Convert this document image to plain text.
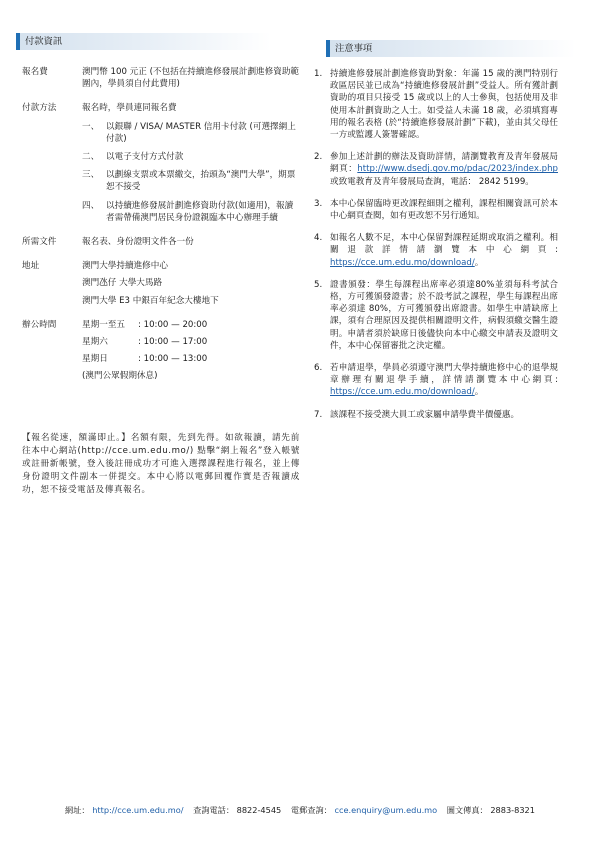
付款資訊
注意事項
報名費	澳門幣 100 元正 (不包括在持續進修發展計劃進修資助範圍內，學員須自付此費用)
付款方法	報名時，學員連同報名費
一、 以銀聯 / VISA/ MASTER 信用卡付款 (可選擇網上付款)
二、 以電子支付方式付款
三、 以劃線支票或本票繳交，抬頭為“澳門大學”，期票恕不接受
四、 以持續進修發展計劃進修資助付款(如適用)，報讀者需帶備澳門居民身份證親臨本中心辦理手續
所需文件	報名表、身份證明文件各一份
地址	澳門大學持續進修中心
澳門氹仔 大學大馬路
澳門大學 E3 中銀百年紀念大樓地下
辦公時間	星期一至五	: 10:00 — 20:00
星期六	: 10:00 — 17:00
星期日	: 10:00 — 13:00
(澳門公眾假期休息)
【報名從速，額滿即止。】名額有限，先到先得。如欲報讀，請先前往本中心網站(http://cce.um.edu.mo/) 點擊“網上報名”登入帳號或註冊新帳號，登入後註冊成功才可進入選擇課程進行報名，並上傳身份證明文件副本一併提交。本中心將以電郵回覆作實是否報讀成功，恕不接受電話及傳真報名。
1. 持續進修發展計劃進修資助對象：年滿 15 歲的澳門特別行政區居民並已成為“持續進修發展計劃”受益人。所有獲計劃資助的項目只接受 15 歲或以上的人士參與，包括使用及非使用本計劃資助之人士。如受益人未滿 18 歲，必須填寫專用的報名表格 (於“持續進修發展計劃”下載)，並由其父母任一方或監護人簽署確認。
2. 參加上述計劃的辦法及資助詳情，請瀏覽教育及青年發展局網頁：http://www.dsedj.gov.mo/pdac/2023/index.php 或致電教育及青年發展局查詢，電話： 2842 5199。
3. 本中心保留臨時更改課程細則之權利，課程相關資訊可於本中心網頁查閱，如有更改恕不另行通知。
4. 如報名人數不足，本中心保留對課程延期或取消之權利。相關退款詳情請瀏覽本中心網頁: https://cce.um.edu.mo/download/。
5. 證書頒發：學生每課程出席率必須達80%並須每科考試合格，方可獲頒發證書；於不設考試之課程，學生每課程出席率必須達 80%，方可獲頒發出席證書。如學生申請缺席上課，須有合理原因及提供相關證明文件，病假須繳交醫生證明。申請者須於缺席日後儘快向本中心繳交申請表及證明文件，本中心保留審批之決定權。
6. 若申請退學，學員必須遵守澳門大學持續進修中心的退學規章辦理有關退學手續，詳情請瀏覽本中心網頁: https://cce.um.edu.mo/download/。
7. 該課程不接受澳大員工或家屬申請學費半價優惠。
網址： http://cce.um.edu.mo/ 查詢電話： 8822-4545 電郵查詢： cce.enquiry@um.edu.mo 圖文傳真： 2883-8321
